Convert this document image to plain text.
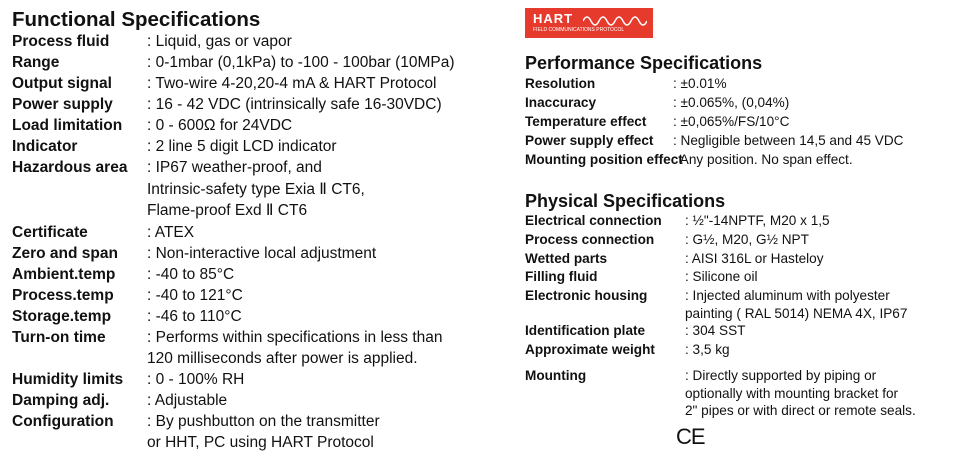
Functional Specifications
Process fluid : Liquid, gas or vapor
Range	: 0-1mbar (0,1kPa) to -100 - 100bar (10MPa)
Output signal : Two-wire 4-20,20-4 mA & HART Protocol
Power supply : 16 - 42 VDC (intrinsically safe 16-30VDC)
Load limitation : 0 - 600Ω for 24VDC
Indicator	: 2 line 5 digit LCD indicator
Hazardous area : IP67 weather-proof, and
Intrinsic-safety type Exia Ⅱ CT6,
Flame-proof Exd Ⅱ CT6
Certificate	: ATEX
Zero and span : Non-interactive local adjustment
Ambient.temp : -40 to 85°C
Process.temp : -40 to 121°C
Storage.temp : -46 to 110°C
Turn-on time	: Performs within specifications in less than
120 milliseconds after power is applied.
Humidity limits : 0 - 100% RH
Damping adj. : Adjustable
Configuration : By pushbutton on the transmitter
or HHT, PC using HART Protocol
HART
FIELD COMMUNICATIONS PROTOCOL
Performance Specifications
Resolution	: ±0.01%
Inaccuracy	: ±0.065%, (0,04%)
Temperature effect : ±0,065%/FS/10°C
Power supply effect : Negligible between 14,5 and 45 VDC
Mounting position effect
: Any position. No span effect.
Physical Specifications
Electrical connection : ½"-14NPTF, M20 x 1,5
Process connection : G½, M20, G½ NPT
Wetted parts	: AISI 316L or Hasteloy
Filling fluid	: Silicone oil
Electronic housing	: Injected aluminum with polyester
painting ( RAL 5014) NEMA 4X, IP67
Identification plate	: 304 SST
Approximate weight : 3,5 kg
Mounting	: Directly supported by piping or
optionally with mounting bracket for
2" pipes or with direct or remote seals.
CE
